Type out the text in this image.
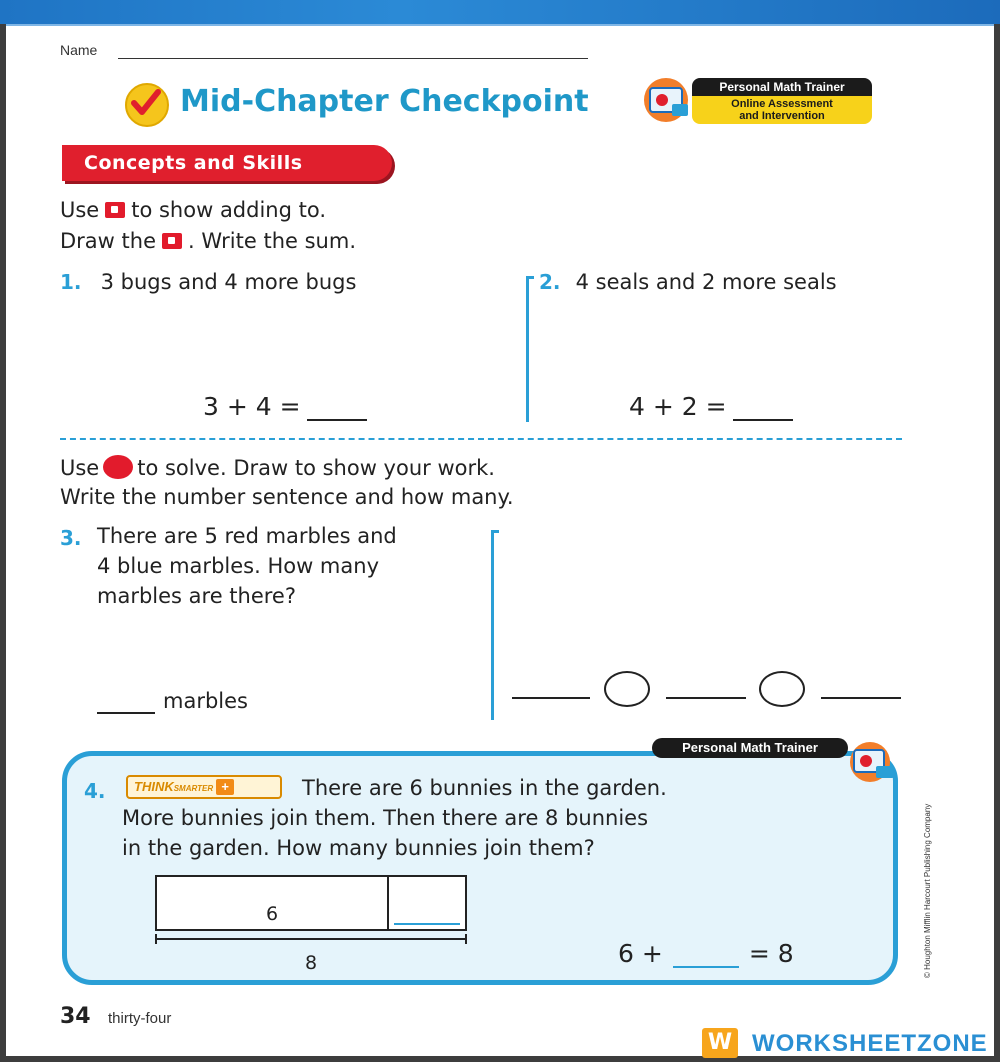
Name
Mid-Chapter Checkpoint	Personal Math Trainer
Online Assessment
and Intervention
Concepts and Skills
Use to show adding to.
Draw the . Write the sum.
1. 3 bugs and 4 more bugs
3 + 4 =
2. 4 seals and 2 more seals
4 + 2 =
Use to solve. Draw to show your work.
Write the number sentence and how many.
3. There are 5 red marbles and
4 blue marbles. How many
marbles are there?
marbles
Personal Math Trainer
4.	THINKSMARTER +	There are 6 bunnies in the garden.
More bunnies join them. Then there are 8 bunnies
in the garden. How many bunnies join them?
6
8	6 +	= 8	© Houghton Mifflin Harcourt Publishing Company
34 thirty-four
W WORKSHEETZONE
